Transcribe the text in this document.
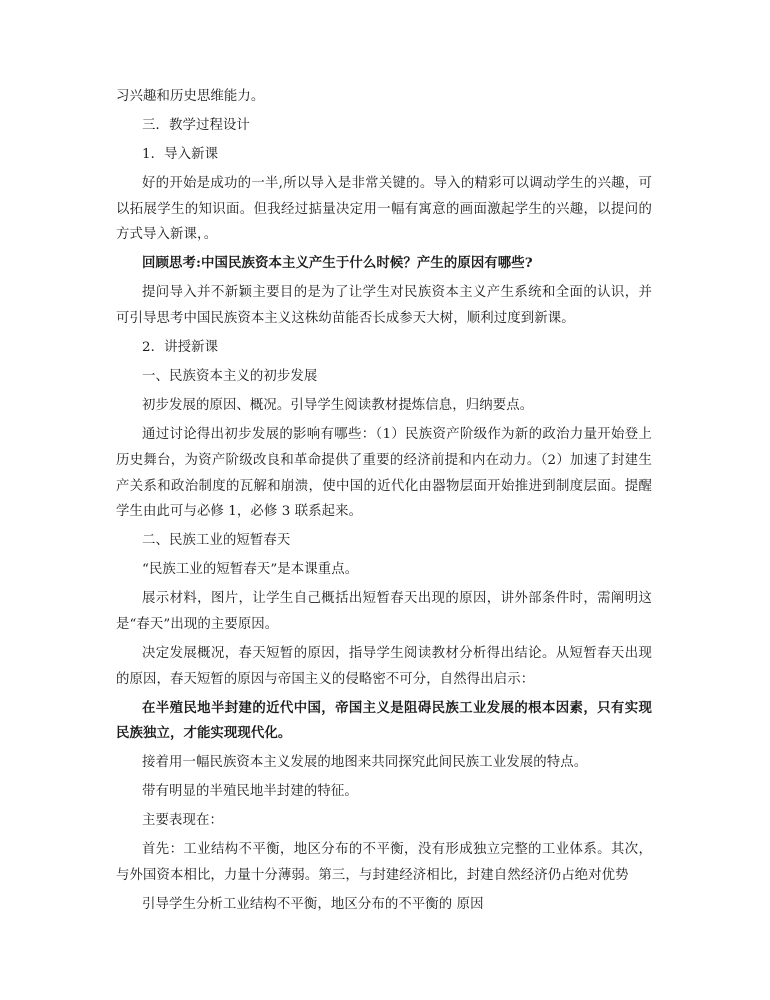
习兴趣和历史思维能力。

三．教学过程设计

1．导入新课

好的开始是成功的一半,所以导入是非常关键的。导入的精彩可以调动学生的兴趣，可以拓展学生的知识面。但我经过掂量决定用一幅有寓意的画面激起学生的兴趣，以提问的方式导入新课，。

回顾思考:中国民族资本主义产生于什么时候？产生的原因有哪些?

提问导入并不新颖主要目的是为了让学生对民族资本主义产生系统和全面的认识，并可引导思考中国民族资本主义这株幼苗能否长成参天大树，顺利过度到新课。

2．讲授新课

一、民族资本主义的初步发展

初步发展的原因、概况。引导学生阅读教材提炼信息，归纳要点。

通过讨论得出初步发展的影响有哪些：（1）民族资产阶级作为新的政治力量开始登上历史舞台，为资产阶级改良和革命提供了重要的经济前提和内在动力。（2）加速了封建生产关系和政治制度的瓦解和崩溃，使中国的近代化由器物层面开始推进到制度层面。提醒学生由此可与必修 1，必修 3 联系起来。

二、民族工业的短暂春天

“民族工业的短暂春天”是本课重点。

展示材料，图片，让学生自己概括出短暂春天出现的原因，讲外部条件时，需阐明这是“春天”出现的主要原因。

决定发展概况，春天短暂的原因，指导学生阅读教材分析得出结论。从短暂春天出现的原因，春天短暂的原因与帝国主义的侵略密不可分，自然得出启示：

在半殖民地半封建的近代中国，帝国主义是阻碍民族工业发展的根本因素，只有实现民族独立，才能实现现代化。

接着用一幅民族资本主义发展的地图来共同探究此间民族工业发展的特点。

带有明显的半殖民地半封建的特征。

主要表现在：

首先：工业结构不平衡，地区分布的不平衡，没有形成独立完整的工业体系。其次，与外国资本相比，力量十分薄弱。第三，与封建经济相比，封建自然经济仍占绝对优势

引导学生分析工业结构不平衡，地区分布的不平衡的 原因
